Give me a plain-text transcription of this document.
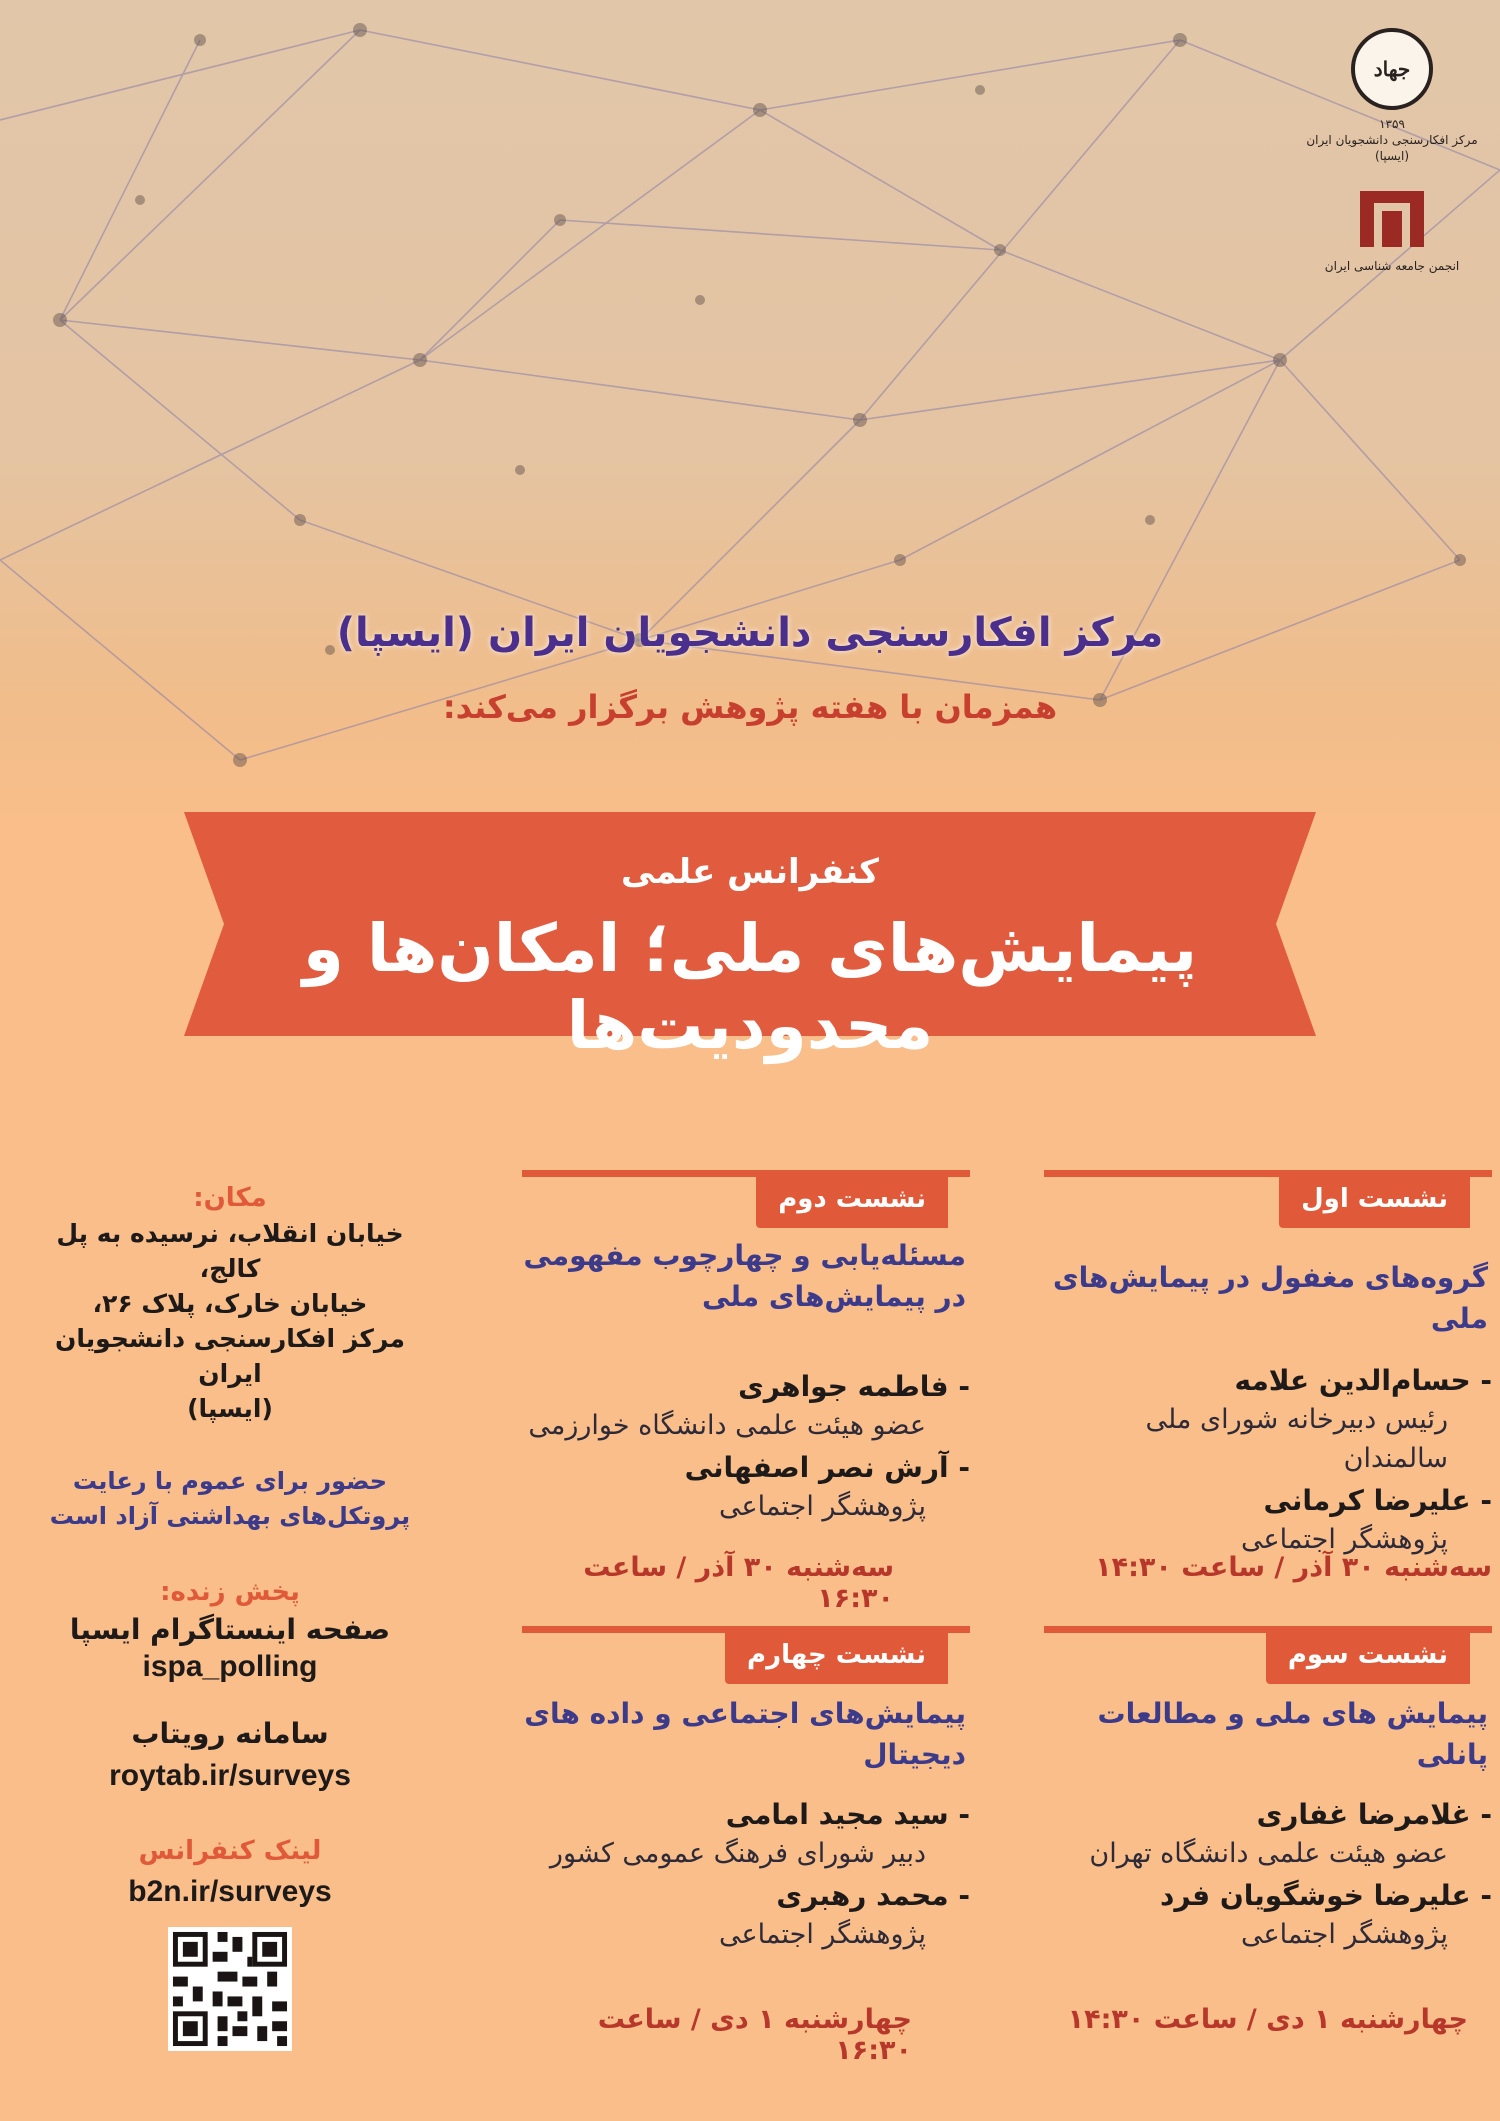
جهاد
۱۳۵۹
مرکز افکارسنجی دانشجویان ایران
(ایسپا)
انجمن جامعه شناسی ایران
مرکز افکارسنجی دانشجویان ایران (ایسپا)
همزمان با هفته پژوهش برگزار می‌کند:
کنفرانس علمی
پیمایش‌های ملی؛ امکان‌ها و محدودیت‌ها
نشست اول
گروه‌های مغفول در پیمایش‌های ملی
- حسام‌الدین علامه
رئیس دبیرخانه شورای ملی سالمندان
- علیرضا کرمانی
پژوهشگر اجتماعی
سه‌شنبه ۳۰ آذر / ساعت ۱۴:۳۰
نشست دوم
مسئله‌یابی و چهارچوب مفهومی در پیمایش‌های ملی
- فاطمه جواهری
عضو هیئت علمی دانشگاه خوارزمی
- آرش نصر اصفهانی
پژوهشگر اجتماعی
سه‌شنبه ۳۰ آذر / ساعت ۱۶:۳۰
نشست سوم
پیمایش های ملی و مطالعات پانلی
- غلامرضا غفاری
عضو هیئت علمی دانشگاه تهران
- علیرضا خوشگویان فرد
پژوهشگر اجتماعی
چهارشنبه ۱ دی / ساعت ۱۴:۳۰
نشست چهارم
پیمایش‌های اجتماعی و داده های دیجیتال
- سید مجید امامی
دبیر شورای فرهنگ عمومی کشور
- محمد رهبری
پژوهشگر اجتماعی
چهارشنبه ۱ دی / ساعت ۱۶:۳۰
مکان:
خیابان انقلاب، نرسیده به پل کالج،
خیابان خارک، پلاک ۲۶،
مرکز افکارسنجی دانشجویان ایران
(ایسپا)
حضور برای عموم با رعایت
پروتکل‌های بهداشتی آزاد است
پخش زنده:
صفحه اینستاگرام ایسپا
ispa_polling
سامانه رویتاب
roytab.ir/surveys
لینک کنفرانس
b2n.ir/surveys
